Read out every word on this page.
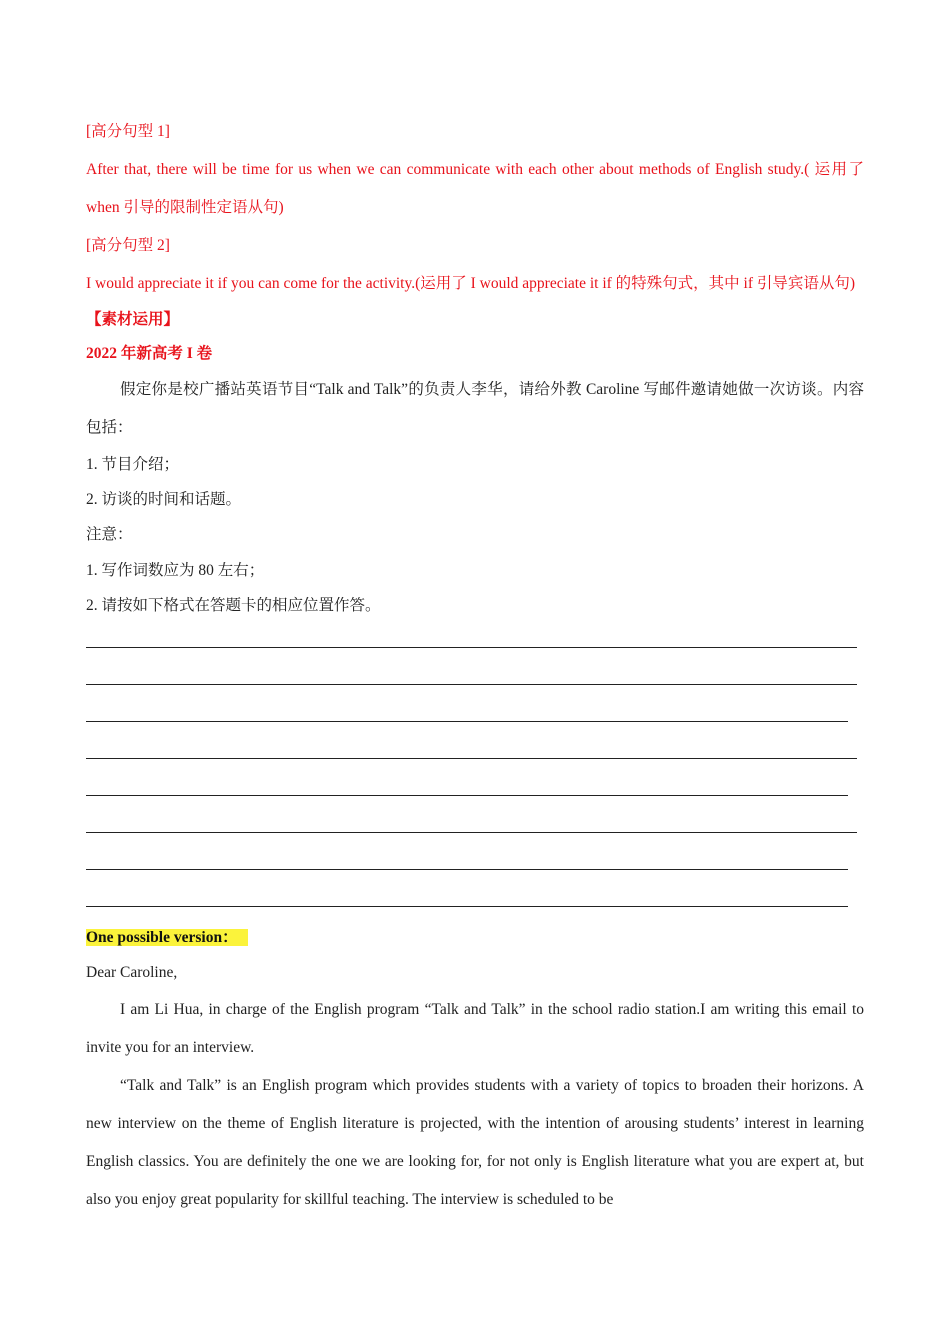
[高分句型 1]

After that, there will be time for us when we can communicate with each other about methods of English study.( 运用了 when 引导的限制性定语从句)

[高分句型 2]

I would appreciate it if you can come for the activity.(运用了 I would appreciate it if 的特殊句式，其中 if 引导宾语从句)

【素材运用】

2022 年新高考 I 卷

假定你是校广播站英语节目“Talk and Talk”的负责人李华，请给外教 Caroline 写邮件邀请她做一次访谈。内容包括：

1. 节目介绍；

2. 访谈的时间和话题。

注意：

1. 写作词数应为 80 左右；

2. 请按如下格式在答题卡的相应位置作答。

One possible version：

Dear Caroline,

I am Li Hua, in charge of the English program “Talk and Talk” in the school radio station.I am writing this email to invite you for an interview.

“Talk and Talk” is an English program which provides students with a variety of topics to broaden their horizons. A new interview on the theme of English literature is projected, with the intention of arousing students’ interest in learning English classics. You are definitely the one we are looking for, for not only is English literature what you are expert at, but also you enjoy great popularity for skillful teaching. The interview is scheduled to be
